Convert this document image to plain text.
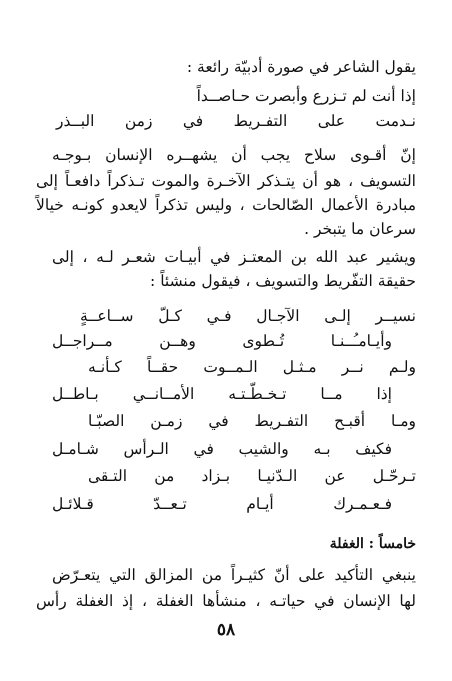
يقول الشاعر في صورة أدبيّة رائعة :
إذا أنت لم تـزرع وأبصرت حـاصــداً
نـدمت على التفـريط في زمن البــذر
إنّ أقـوى سلاح يجب أن يشهــره الإنسان بـوجـه
التسويف ، هو أن يتـذكر الآخـرة والموت تـذكراً دافعـاً إلى
مبادرة الأعمال الصّالحات ، وليس تذكراً لايعدو كونـه خيالاً
سرعان ما يتبخر .
ويشير عبد الله بن المعتـز في أبيـات شعـر لـه ، إلى
حقيقة التفّريط والتسويف ، فيقول منشئاً :
نسيــر إلـى الآجـال فـي كـلّ ســاعــةٍ
وأيـامـُــنـا تُـطوى وهــن مــراجــل
ولـم نــر مـثـل الـمــوت حقــاً كـأنـه
إذا مــا تـخـطّـتـه الأمــانــي بـاطــل
ومـا أقبـح التفـريط في زمـن الصبّـا
فكيف بـه والشيب في الـرأس شـامـل
تـرحّـل عن الـدّنيـا بـزاد من التـقى
فـعـمـرك أيـام تـعــدّ قـلائـل
خامساً : الغفلة
ينبغي التأكيد على أنّ كثيـراً من المزالق التي يتعـرّض
لها الإنسان في حياتـه ، منشأها الغفلة ، إذ الغفلة رأس
٥٨
